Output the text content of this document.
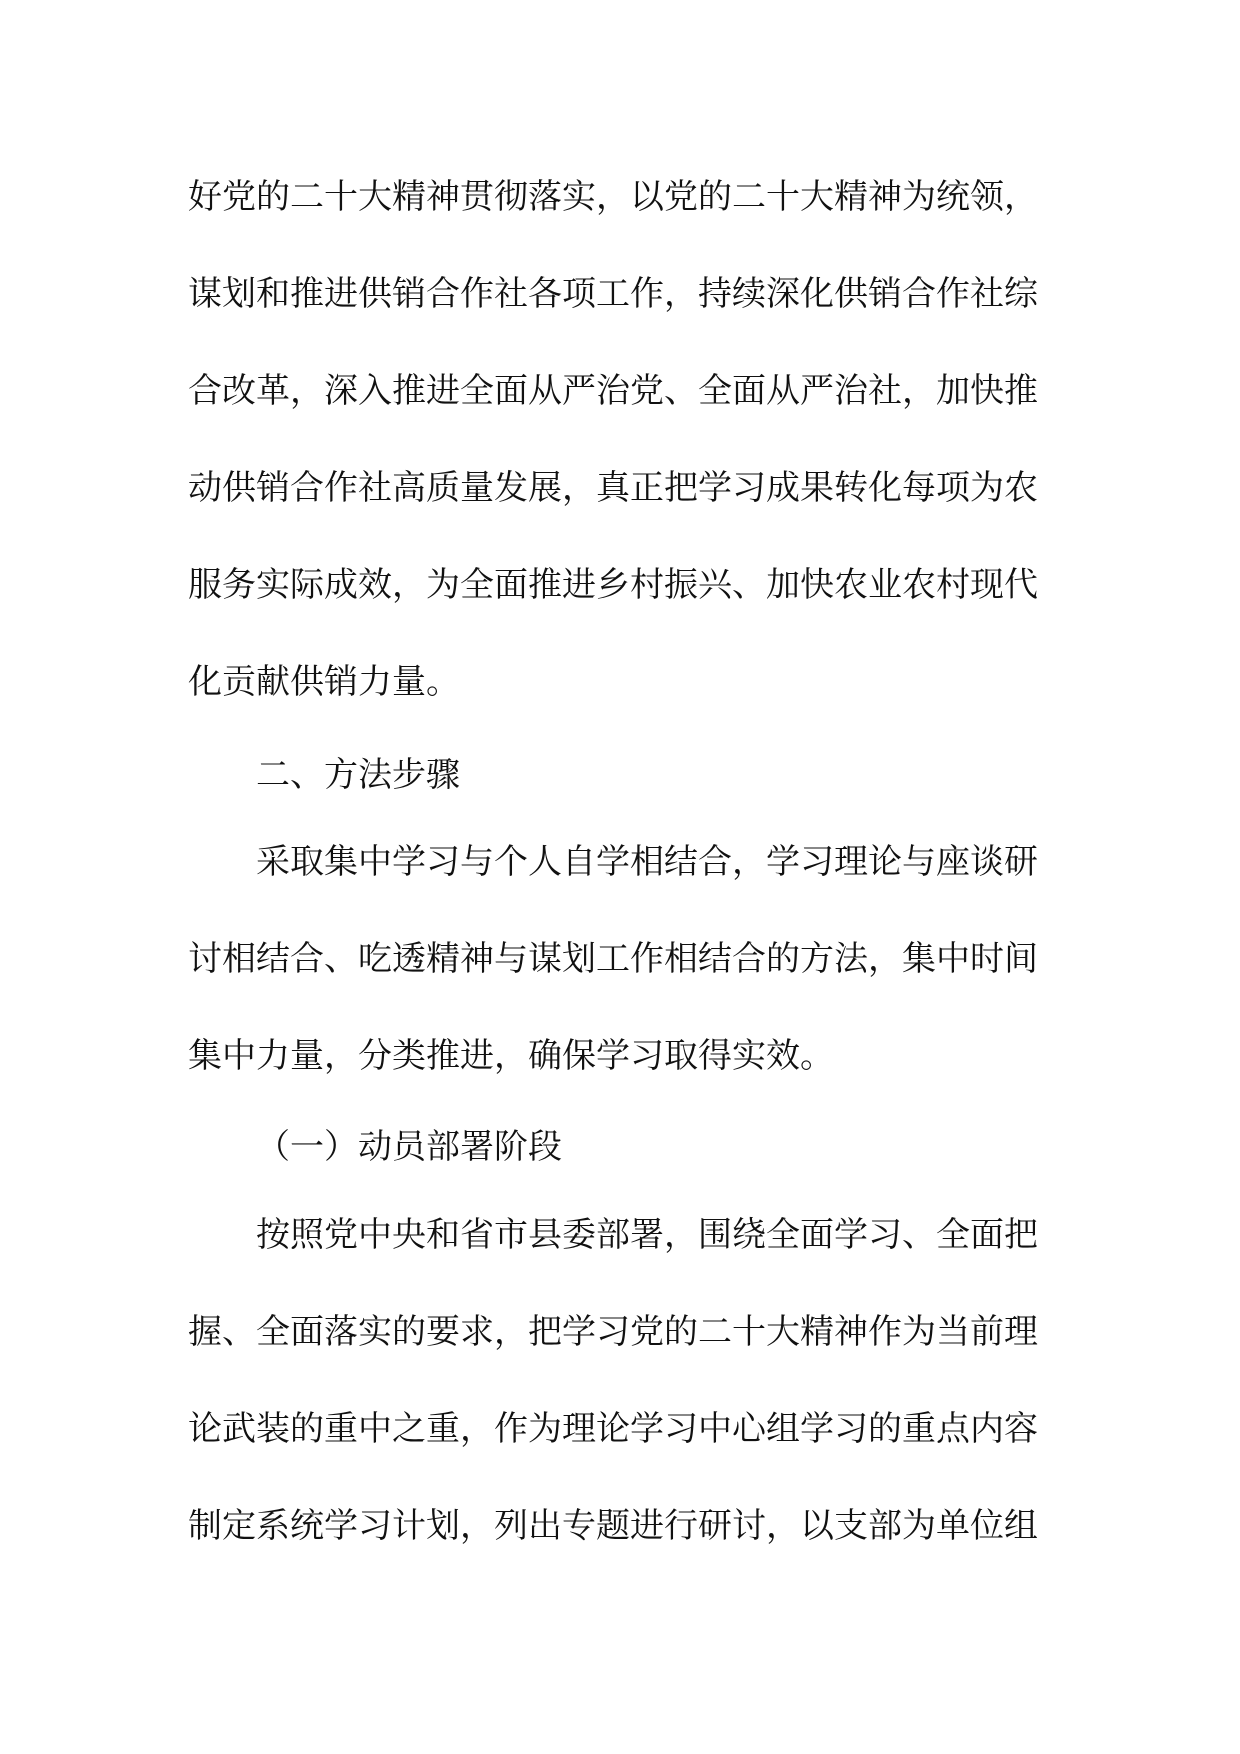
好党的二十大精神贯彻落实，以党的二十大精神为统领，
谋划和推进供销合作社各项工作，持续深化供销合作社综
合改革，深入推进全面从严治党、全面从严治社，加快推
动供销合作社高质量发展，真正把学习成果转化每项为农
服务实际成效，为全面推进乡村振兴、加快农业农村现代
化贡献供销力量。
二、方法步骤
采取集中学习与个人自学相结合，学习理论与座谈研
讨相结合、吃透精神与谋划工作相结合的方法，集中时间
集中力量，分类推进，确保学习取得实效。
（一）动员部署阶段
按照党中央和省市县委部署，围绕全面学习、全面把
握、全面落实的要求，把学习党的二十大精神作为当前理
论武装的重中之重，作为理论学习中心组学习的重点内容
制定系统学习计划，列出专题进行研讨，以支部为单位组
